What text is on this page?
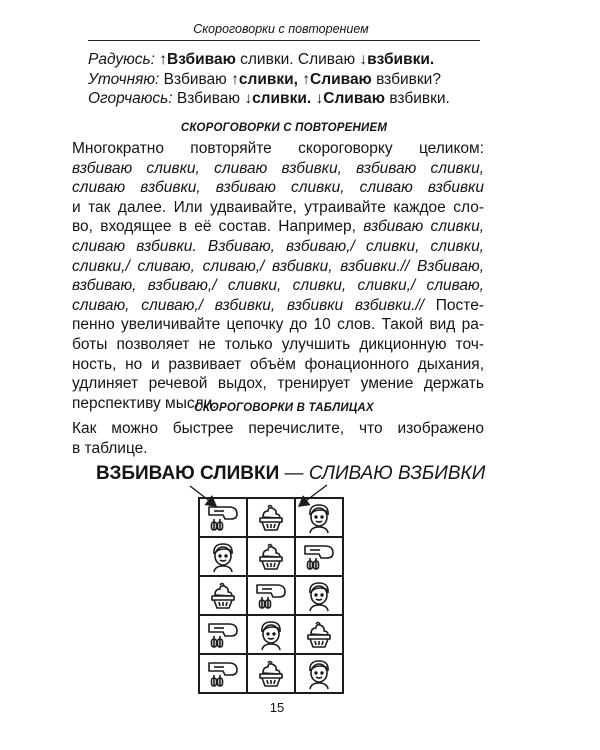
Скороговорки с повторением
Радуюсь: ↑Взбиваю сливки. Сливаю ↓взбивки.
Уточняю: Взбиваю ↑сливки, ↑Сливаю взбивки?
Огорчаюсь: Взбиваю ↓сливки. ↓Сливаю взбивки.
СКОРОГОВОРКИ С ПОВТОРЕНИЕМ
Многократно повторяйте скороговорку целиком:
взбиваю сливки, сливаю взбивки, взбиваю сливки,
сливаю взбивки, взбиваю сливки, сливаю взбивки
и так далее. Или удваивайте, утраивайте каждое сло-
во, входящее в её состав. Например, взбиваю сливки,
сливаю взбивки. Взбиваю, взбиваю,/ сливки, сливки,
сливки,/ сливаю, сливаю,/ взбивки, взбивки.// Взбиваю,
взбиваю, взбиваю,/ сливки, сливки, сливки,/ сливаю,
сливаю, сливаю,/ взбивки, взбивки взбивки.// Посте-
пенно увеличивайте цепочку до 10 слов. Такой вид ра-
боты позволяет не только улучшить дикционную точ-
ность, но и развивает объём фонационного дыхания,
удлиняет речевой выдох, тренирует умение держать
перспективу мысли.
СКОРОГОВОРКИ В ТАБЛИЦАХ
Как можно быстрее перечислите, что изображено
в таблице.
ВЗБИВАЮ СЛИВКИ — СЛИВАЮ ВЗБИВКИ
15
